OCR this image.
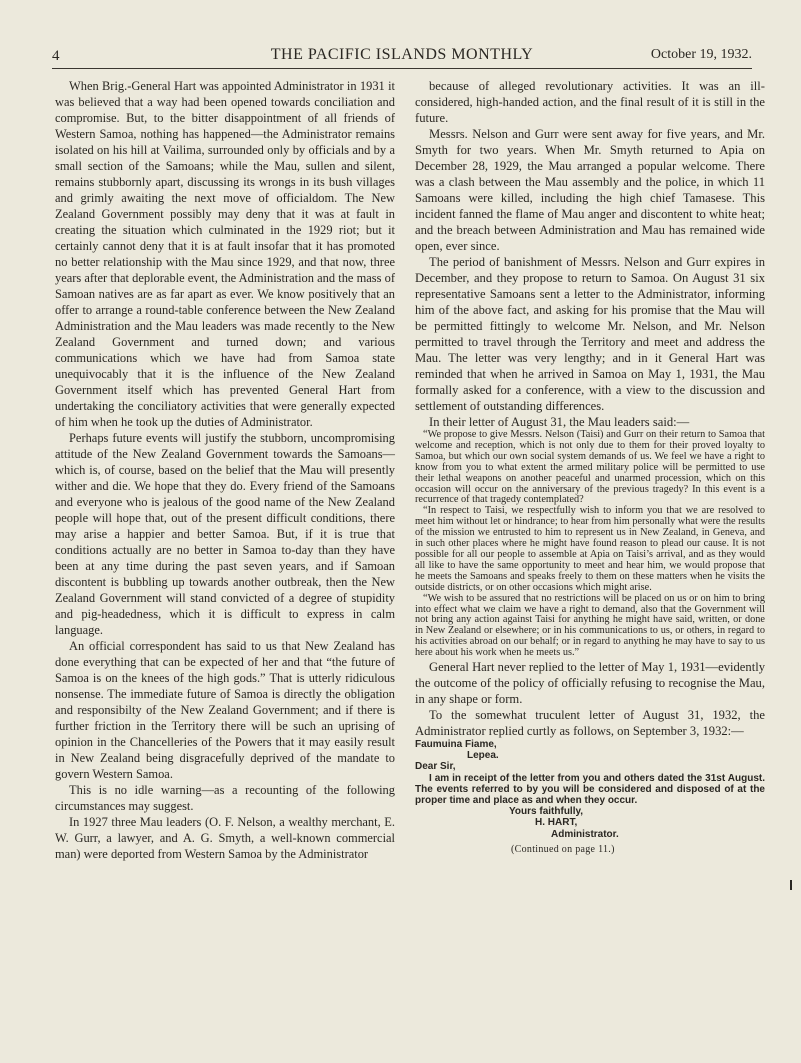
4	THE PACIFIC ISLANDS MONTHLY	October 19, 1932.

When Brig.-General Hart was appointed Administrator in 1931 it was believed that a way had been opened towards conciliation and compromise. But, to the bitter disappointment of all friends of Western Samoa, nothing has happened—the Administrator remains isolated on his hill at Vailima, surrounded only by officials and by a small section of the Samoans; while the Mau, sullen and silent, remains stubbornly apart, discussing its wrongs in its bush villages and grimly awaiting the next move of officialdom. The New Zealand Government possibly may deny that it was at fault in creating the situation which culminated in the 1929 riot; but it certainly cannot deny that it is at fault insofar that it has promoted no better relationship with the Mau since 1929, and that now, three years after that deplorable event, the Administration and the mass of Samoan natives are as far apart as ever. We know positively that an offer to arrange a round-table conference between the New Zealand Administration and the Mau leaders was made recently to the New Zealand Government and turned down; and various communications which we have had from Samoa state unequivocably that it is the influence of the New Zealand Government itself which has prevented General Hart from undertaking the conciliatory activities that were generally expected of him when he took up the duties of Administrator.

Perhaps future events will justify the stubborn, uncompromising attitude of the New Zealand Government towards the Samoans—which is, of course, based on the belief that the Mau will presently wither and die. We hope that they do. Every friend of the Samoans and everyone who is jealous of the good name of the New Zealand people will hope that, out of the present difficult conditions, there may arise a happier and better Samoa. But, if it is true that conditions actually are no better in Samoa to-day than they have been at any time during the past seven years, and if Samoan discontent is bubbling up towards another outbreak, then the New Zealand Government will stand convicted of a degree of stupidity and pig-headedness, which it is difficult to express in calm language.

An official correspondent has said to us that New Zealand has done everything that can be expected of her and that “the future of Samoa is on the knees of the high gods.” That is utterly ridiculous nonsense. The immediate future of Samoa is directly the obligation and responsibilty of the New Zealand Government; and if there is further friction in the Territory there will be such an uprising of opinion in the Chancelleries of the Powers that it may easily result in New Zealand being disgracefully deprived of the mandate to govern Western Samoa.

This is no idle warning—as a recounting of the following circumstances may suggest.

In 1927 three Mau leaders (O. F. Nelson, a wealthy merchant, E. W. Gurr, a lawyer, and A. G. Smyth, a well-known commercial man) were deported from Western Samoa by the Administrator

because of alleged revolutionary activities. It was an ill-considered, high-handed action, and the final result of it is still in the future.

Messrs. Nelson and Gurr were sent away for five years, and Mr. Smyth for two years. When Mr. Smyth returned to Apia on December 28, 1929, the Mau arranged a popular welcome. There was a clash between the Mau assembly and the police, in which 11 Samoans were killed, including the high chief Tamasese. This incident fanned the flame of Mau anger and discontent to white heat; and the breach between Administration and Mau has remained wide open, ever since.

The period of banishment of Messrs. Nelson and Gurr expires in December, and they propose to return to Samoa. On August 31 six representative Samoans sent a letter to the Administrator, informing him of the above fact, and asking for his promise that the Mau will be permitted fittingly to welcome Mr. Nelson, and Mr. Nelson permitted to travel through the Territory and meet and address the Mau. The letter was very lengthy; and in it General Hart was reminded that when he arrived in Samoa on May 1, 1931, the Mau formally asked for a conference, with a view to the discussion and settlement of outstanding differences.

In their letter of August 31, the Mau leaders said:—

“We propose to give Messrs. Nelson (Taisi) and Gurr on their return to Samoa that welcome and reception, which is not only due to them for their proved loyalty to Samoa, but which our own social system demands of us. We feel we have a right to know from you to what extent the armed military police will be permitted to use their lethal weapons on another peaceful and unarmed procession, which on this occasion will occur on the anniversary of the previous tragedy? In this event is a recurrence of that tragedy contemplated?

“In respect to Taisi, we respectfully wish to inform you that we are resolved to meet him without let or hindrance; to hear from him personally what were the results of the mission we entrusted to him to represent us in New Zealand, in Geneva, and in such other places where he might have found reason to plead our cause. It is not possible for all our people to assemble at Apia on Taisi’s arrival, and as they would all like to have the same opportunity to meet and hear him, we would propose that he meets the Samoans and speaks freely to them on these matters when he visits the outside districts, or on other occasions which might arise.

“We wish to be assured that no restrictions will be placed on us or on him to bring into effect what we claim we have a right to demand, also that the Government will not bring any action against Taisi for anything he might have said, written, or done in New Zealand or elsewhere; or in his communications to us, or others, in regard to his activities abroad on our behalf; or in regard to anything he may have to say to us here about his work when he meets us.”

General Hart never replied to the letter of May 1, 1931—evidently the outcome of the policy of officially refusing to recognise the Mau, in any shape or form.

To the somewhat truculent letter of August 31, 1932, the Administrator replied curtly as follows, on September 3, 1932:—

Faumuina Fiame,
Lepea.
Dear Sir,
I am in receipt of the letter from you and others dated the 31st August. The events referred to by you will be considered and disposed of at the proper time and place as and when they occur.
Yours faithfully,
H. HART,
Administrator.
(Continued on page 11.)
